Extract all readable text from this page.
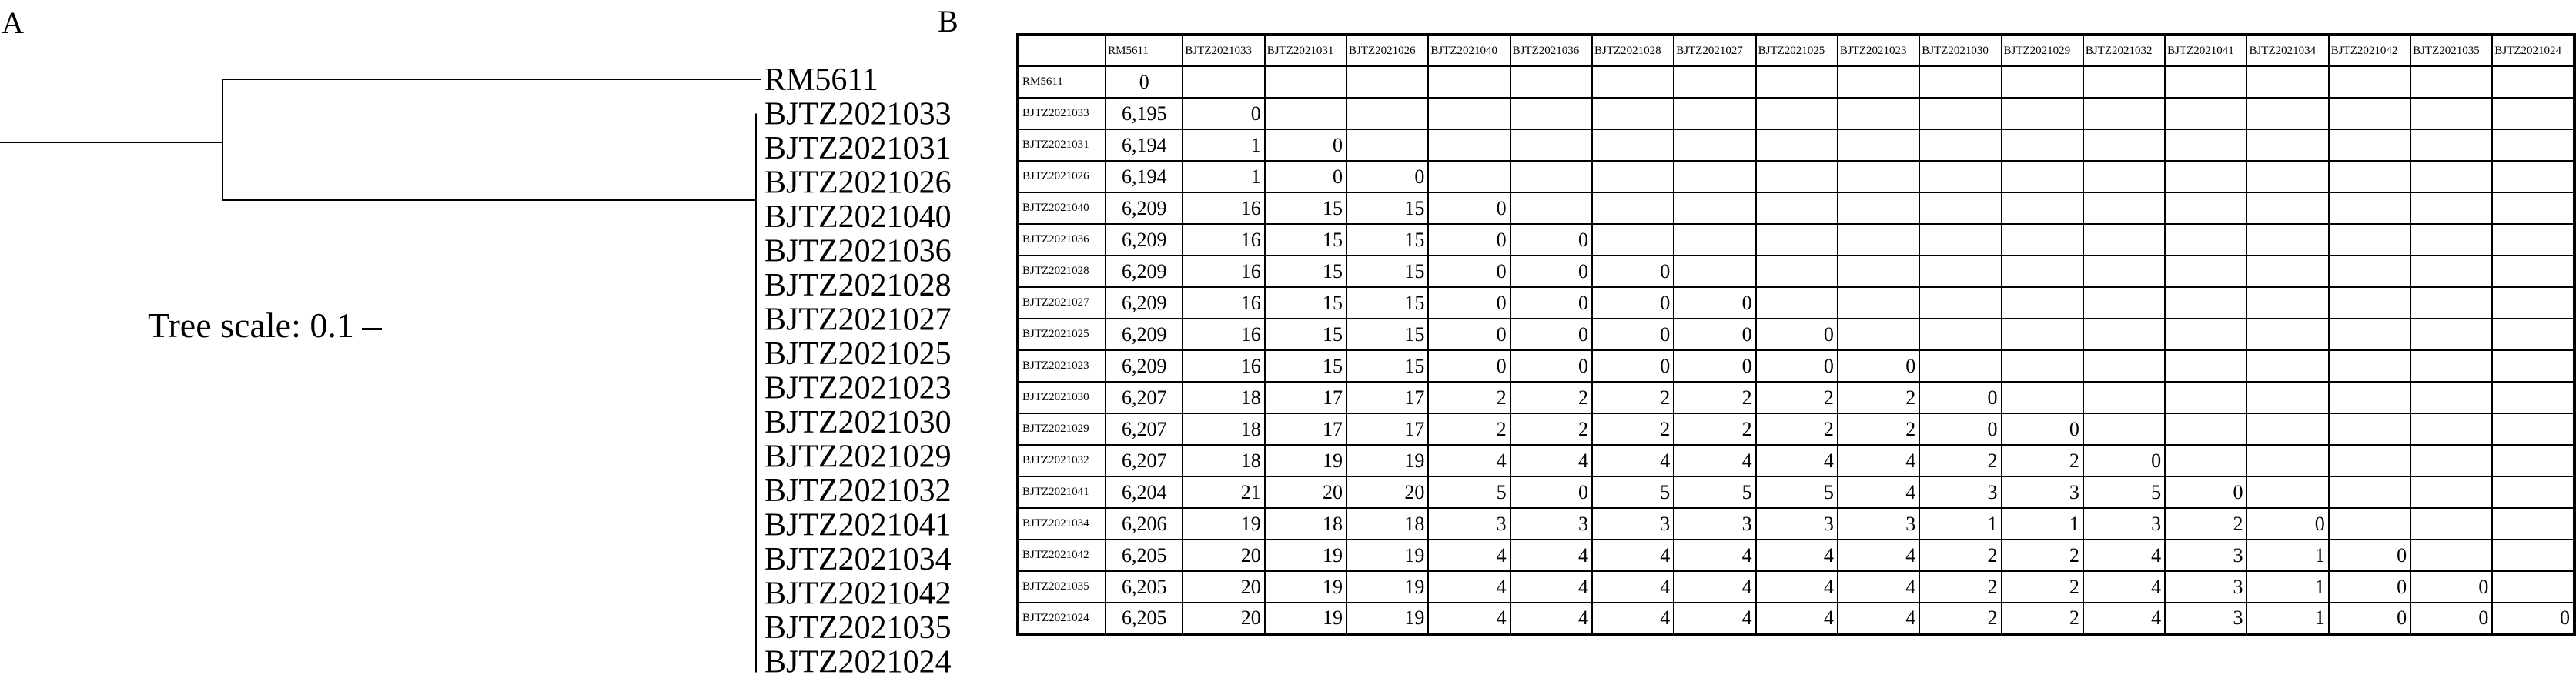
A	B
RM5611
BJTZ2021033
BJTZ2021031
BJTZ2021026
BJTZ2021040
BJTZ2021036
BJTZ2021028
BJTZ2021027
BJTZ2021025
BJTZ2021023
BJTZ2021030
BJTZ2021029
BJTZ2021032
BJTZ2021041
BJTZ2021034
BJTZ2021042
BJTZ2021035
BJTZ2021024
Tree scale: 0.1
	RM5611	BJTZ2021033	BJTZ2021031	BJTZ2021026	BJTZ2021040	BJTZ2021036	BJTZ2021028	BJTZ2021027	BJTZ2021025	BJTZ2021023	BJTZ2021030	BJTZ2021029	BJTZ2021032	BJTZ2021041	BJTZ2021034	BJTZ2021042	BJTZ2021035	BJTZ2021024
RM5611	0																	
BJTZ2021033	6,195	0																
BJTZ2021031	6,194	1	0															
BJTZ2021026	6,194	1	0	0														
BJTZ2021040	6,209	16	15	15	0													
BJTZ2021036	6,209	16	15	15	0	0												
BJTZ2021028	6,209	16	15	15	0	0	0											
BJTZ2021027	6,209	16	15	15	0	0	0	0										
BJTZ2021025	6,209	16	15	15	0	0	0	0	0									
BJTZ2021023	6,209	16	15	15	0	0	0	0	0	0								
BJTZ2021030	6,207	18	17	17	2	2	2	2	2	2	0							
BJTZ2021029	6,207	18	17	17	2	2	2	2	2	2	0	0						
BJTZ2021032	6,207	18	19	19	4	4	4	4	4	4	2	2	0					
BJTZ2021041	6,204	21	20	20	5	0	5	5	5	4	3	3	5	0				
BJTZ2021034	6,206	19	18	18	3	3	3	3	3	3	1	1	3	2	0			
BJTZ2021042	6,205	20	19	19	4	4	4	4	4	4	2	2	4	3	1	0		
BJTZ2021035	6,205	20	19	19	4	4	4	4	4	4	2	2	4	3	1	0	0	
BJTZ2021024	6,205	20	19	19	4	4	4	4	4	4	2	2	4	3	1	0	0	0
